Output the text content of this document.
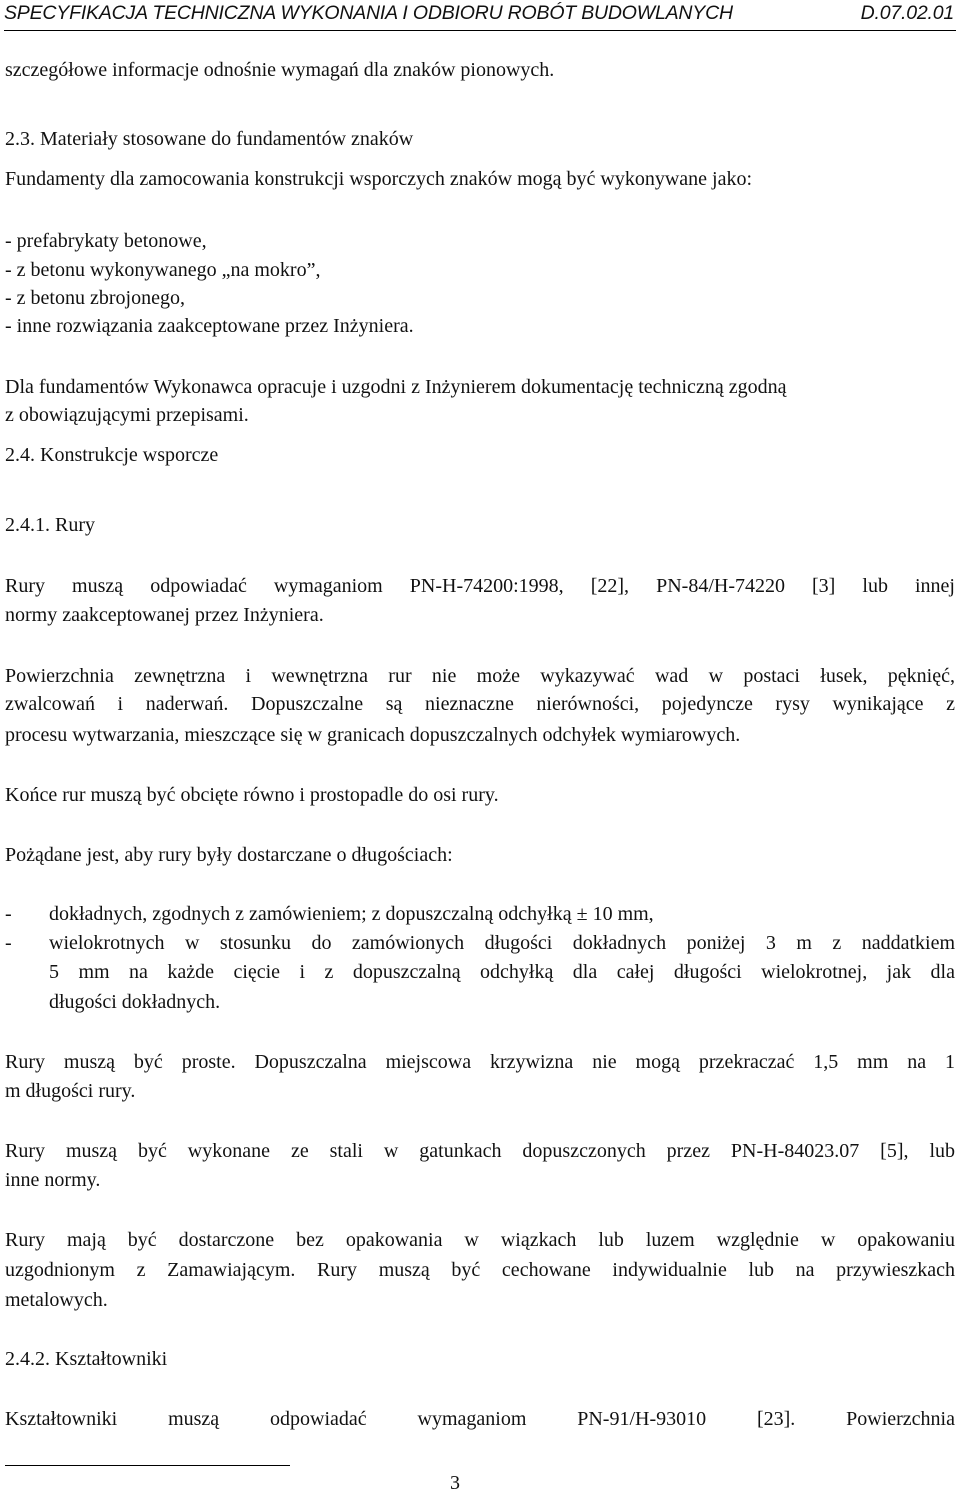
SPECYFIKACJA TECHNICZNA WYKONANIA I ODBIORU ROBÓT BUDOWLANYCH	D.07.02.01
szczegółowe informacje odnośnie wymagań dla znaków pionowych.
2.3. Materiały stosowane do fundamentów znaków
Fundamenty dla zamocowania konstrukcji wsporczych znaków mogą być wykonywane jako:
- prefabrykaty betonowe,
- z betonu wykonywanego „na mokro”,
- z betonu zbrojonego,
- inne rozwiązania zaakceptowane przez Inżyniera.
Dla fundamentów Wykonawca opracuje i uzgodni z Inżynierem dokumentację techniczną zgodną
z obowiązującymi przepisami.
2.4. Konstrukcje wsporcze
2.4.1. Rury
Rury muszą odpowiadać wymaganiom PN-H-74200:1998, [22], PN-84/H-74220 [3] lub innej
normy zaakceptowanej przez Inżyniera.
Powierzchnia zewnętrzna i wewnętrzna rur nie może wykazywać wad w postaci łusek, pęknięć,
zwalcowań i naderwań. Dopuszczalne są nieznaczne nierówności, pojedyncze rysy wynikające z
procesu wytwarzania, mieszczące się w granicach dopuszczalnych odchyłek wymiarowych.
Końce rur muszą być obcięte równo i prostopadle do osi rury.
Pożądane jest, aby rury były dostarczane o długościach:
- dokładnych, zgodnych z zamówieniem; z dopuszczalną odchyłką ± 10 mm,
- wielokrotnych w stosunku do zamówionych długości dokładnych poniżej 3 m z naddatkiem
5 mm na każde cięcie i z dopuszczalną odchyłką dla całej długości wielokrotnej, jak dla
długości dokładnych.
Rury muszą być proste. Dopuszczalna miejscowa krzywizna nie mogą przekraczać 1,5 mm na 1
m długości rury.
Rury muszą być wykonane ze stali w gatunkach dopuszczonych przez PN-H-84023.07 [5], lub
inne normy.
Rury mają być dostarczone bez opakowania w wiązkach lub luzem względnie w opakowaniu
uzgodnionym z Zamawiającym. Rury muszą być cechowane indywidualnie lub na przywieszkach
metalowych.
2.4.2. Kształtowniki
Kształtowniki muszą odpowiadać wymaganiom PN-91/H-93010 [23]. Powierzchnia
3
